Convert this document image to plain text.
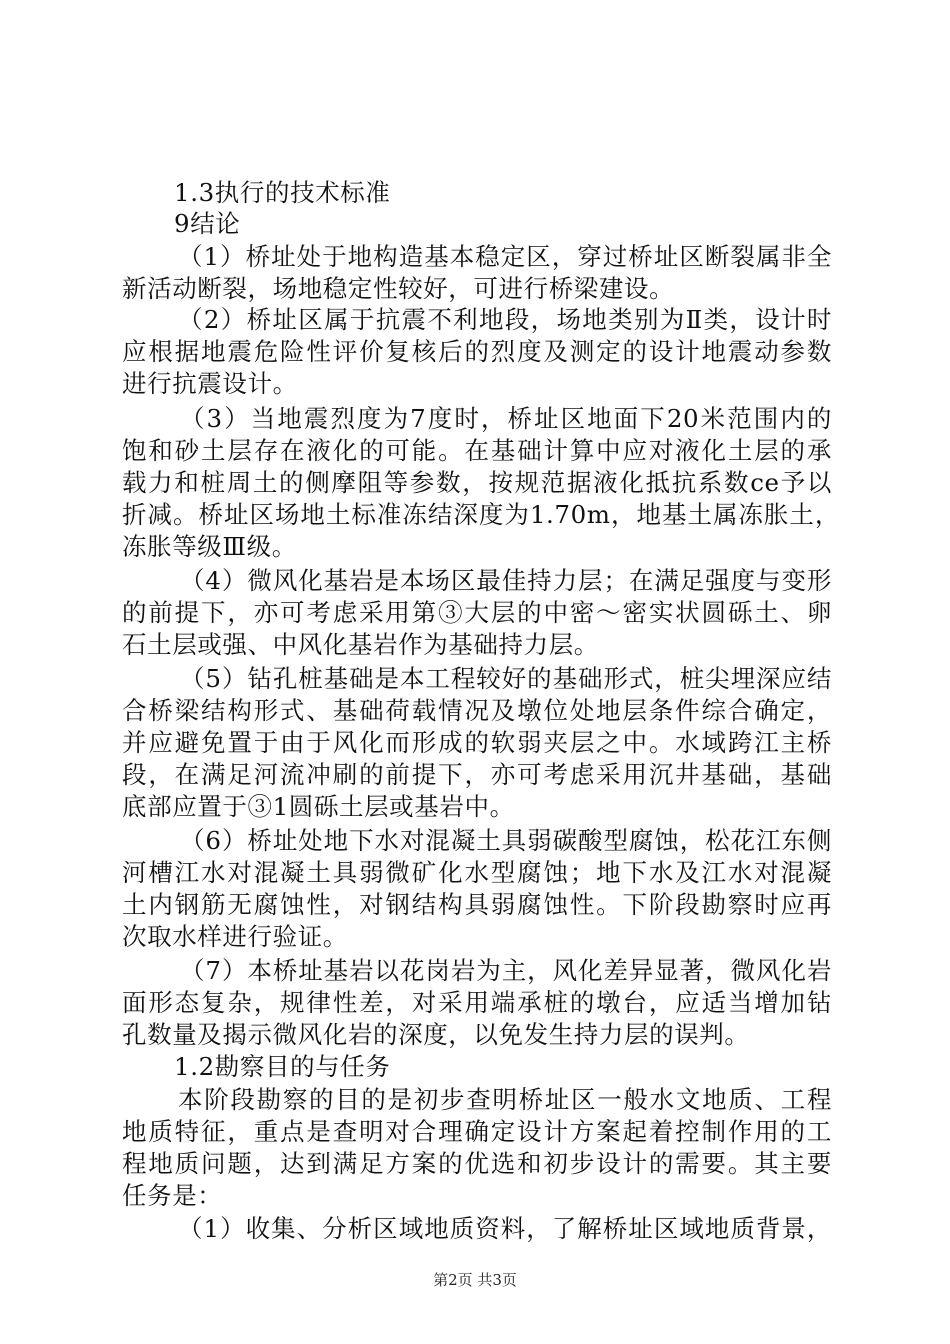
1.3执行的技术标准
9结论
（1）桥址处于地构造基本稳定区，穿过桥址区断裂属非全
新活动断裂，场地稳定性较好，可进行桥梁建设。
（2）桥址区属于抗震不利地段，场地类别为Ⅱ类，设计时
应根据地震危险性评价复核后的烈度及测定的设计地震动参数
进行抗震设计。
（3）当地震烈度为7度时，桥址区地面下20米范围内的
饱和砂土层存在液化的可能。在基础计算中应对液化土层的承
载力和桩周土的侧摩阻等参数，按规范据液化抵抗系数ce予以
折减。桥址区场地土标准冻结深度为1.70m，地基土属冻胀土，
冻胀等级Ⅲ级。
（4）微风化基岩是本场区最佳持力层；在满足强度与变形
的前提下，亦可考虑采用第③大层的中密～密实状圆砾土、卵
石土层或强、中风化基岩作为基础持力层。
（5）钻孔桩基础是本工程较好的基础形式，桩尖埋深应结
合桥梁结构形式、基础荷载情况及墩位处地层条件综合确定，
并应避免置于由于风化而形成的软弱夹层之中。水域跨江主桥
段，在满足河流冲刷的前提下，亦可考虑采用沉井基础，基础
底部应置于③1圆砾土层或基岩中。
（6）桥址处地下水对混凝土具弱碳酸型腐蚀，松花江东侧
河槽江水对混凝土具弱微矿化水型腐蚀；地下水及江水对混凝
土内钢筋无腐蚀性，对钢结构具弱腐蚀性。下阶段勘察时应再
次取水样进行验证。
（7）本桥址基岩以花岗岩为主，风化差异显著，微风化岩
面形态复杂，规律性差，对采用端承桩的墩台，应适当增加钻
孔数量及揭示微风化岩的深度，以免发生持力层的误判。
1.2勘察目的与任务
本阶段勘察的目的是初步查明桥址区一般水文地质、工程
地质特征，重点是查明对合理确定设计方案起着控制作用的工
程地质问题，达到满足方案的优选和初步设计的需要。其主要
任务是：
（1）收集、分析区域地质资料，了解桥址区域地质背景，
第2页 共3页
